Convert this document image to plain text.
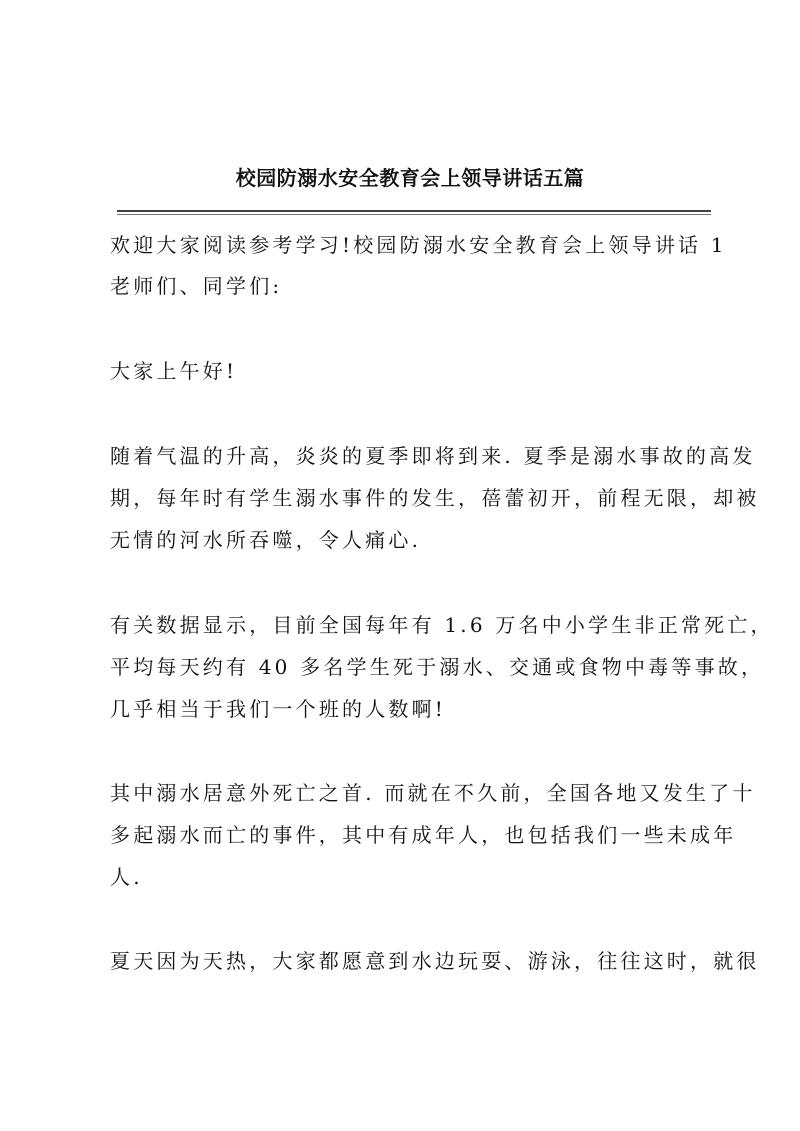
校园防溺水安全教育会上领导讲话五篇
欢迎大家阅读参考学习!校园防溺水安全教育会上领导讲话 1
老师们、同学们:
大家上午好!
随着气温的升高，炎炎的夏季即将到来. 夏季是溺水事故的高发
期，每年时有学生溺水事件的发生，蓓蕾初开，前程无限，却被
无情的河水所吞噬，令人痛心.
有关数据显示，目前全国每年有 1.6 万名中小学生非正常死亡，
平均每天约有 40 多名学生死于溺水、交通或食物中毒等事故，
几乎相当于我们一个班的人数啊!
其中溺水居意外死亡之首. 而就在不久前，全国各地又发生了十
多起溺水而亡的事件，其中有成年人，也包括我们一些未成年
人.
夏天因为天热，大家都愿意到水边玩耍、游泳，往往这时，就很
